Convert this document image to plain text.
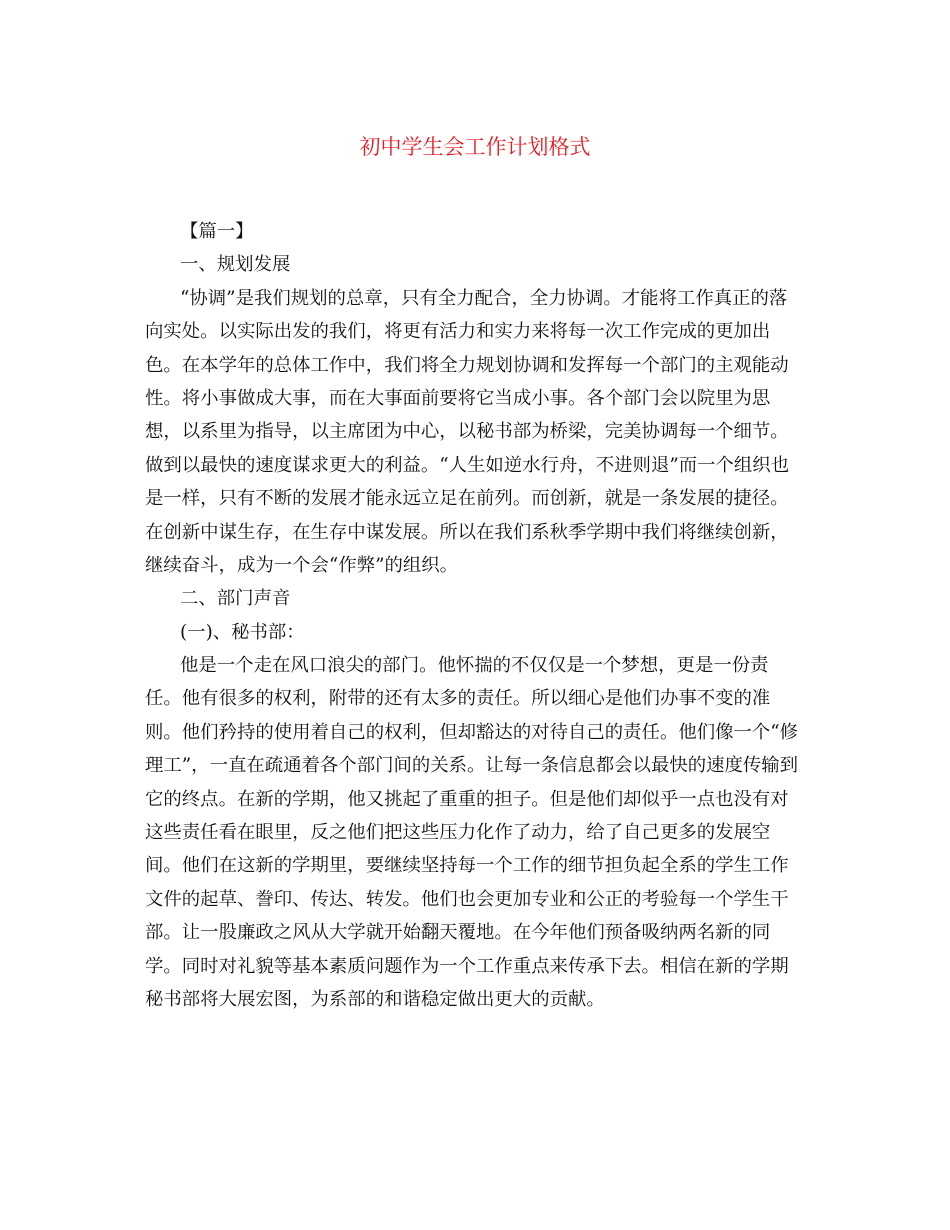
初中学生会工作计划格式
【篇一】
一、规划发展
“协调”是我们规划的总章，只有全力配合，全力协调。才能将工作真正的落
向实处。以实际出发的我们，将更有活力和实力来将每一次工作完成的更加出
色。在本学年的总体工作中，我们将全力规划协调和发挥每一个部门的主观能动
性。将小事做成大事，而在大事面前要将它当成小事。各个部门会以院里为思
想，以系里为指导，以主席团为中心，以秘书部为桥梁，完美协调每一个细节。
做到以最快的速度谋求更大的利益。“人生如逆水行舟，不进则退”而一个组织也
是一样，只有不断的发展才能永远立足在前列。而创新，就是一条发展的捷径。
在创新中谋生存，在生存中谋发展。所以在我们系秋季学期中我们将继续创新，
继续奋斗，成为一个会“作弊”的组织。
二、部门声音
(一)、秘书部：
他是一个走在风口浪尖的部门。他怀揣的不仅仅是一个梦想，更是一份责
任。他有很多的权利，附带的还有太多的责任。所以细心是他们办事不变的准
则。他们矜持的使用着自己的权利，但却豁达的对待自己的责任。他们像一个“修
理工”，一直在疏通着各个部门间的关系。让每一条信息都会以最快的速度传输到
它的终点。在新的学期，他又挑起了重重的担子。但是他们却似乎一点也没有对
这些责任看在眼里，反之他们把这些压力化作了动力，给了自己更多的发展空
间。他们在这新的学期里，要继续坚持每一个工作的细节担负起全系的学生工作
文件的起草、誊印、传达、转发。他们也会更加专业和公正的考验每一个学生干
部。让一股廉政之风从大学就开始翻天覆地。在今年他们预备吸纳两名新的同
学。同时对礼貌等基本素质问题作为一个工作重点来传承下去。相信在新的学期
秘书部将大展宏图，为系部的和谐稳定做出更大的贡献。
